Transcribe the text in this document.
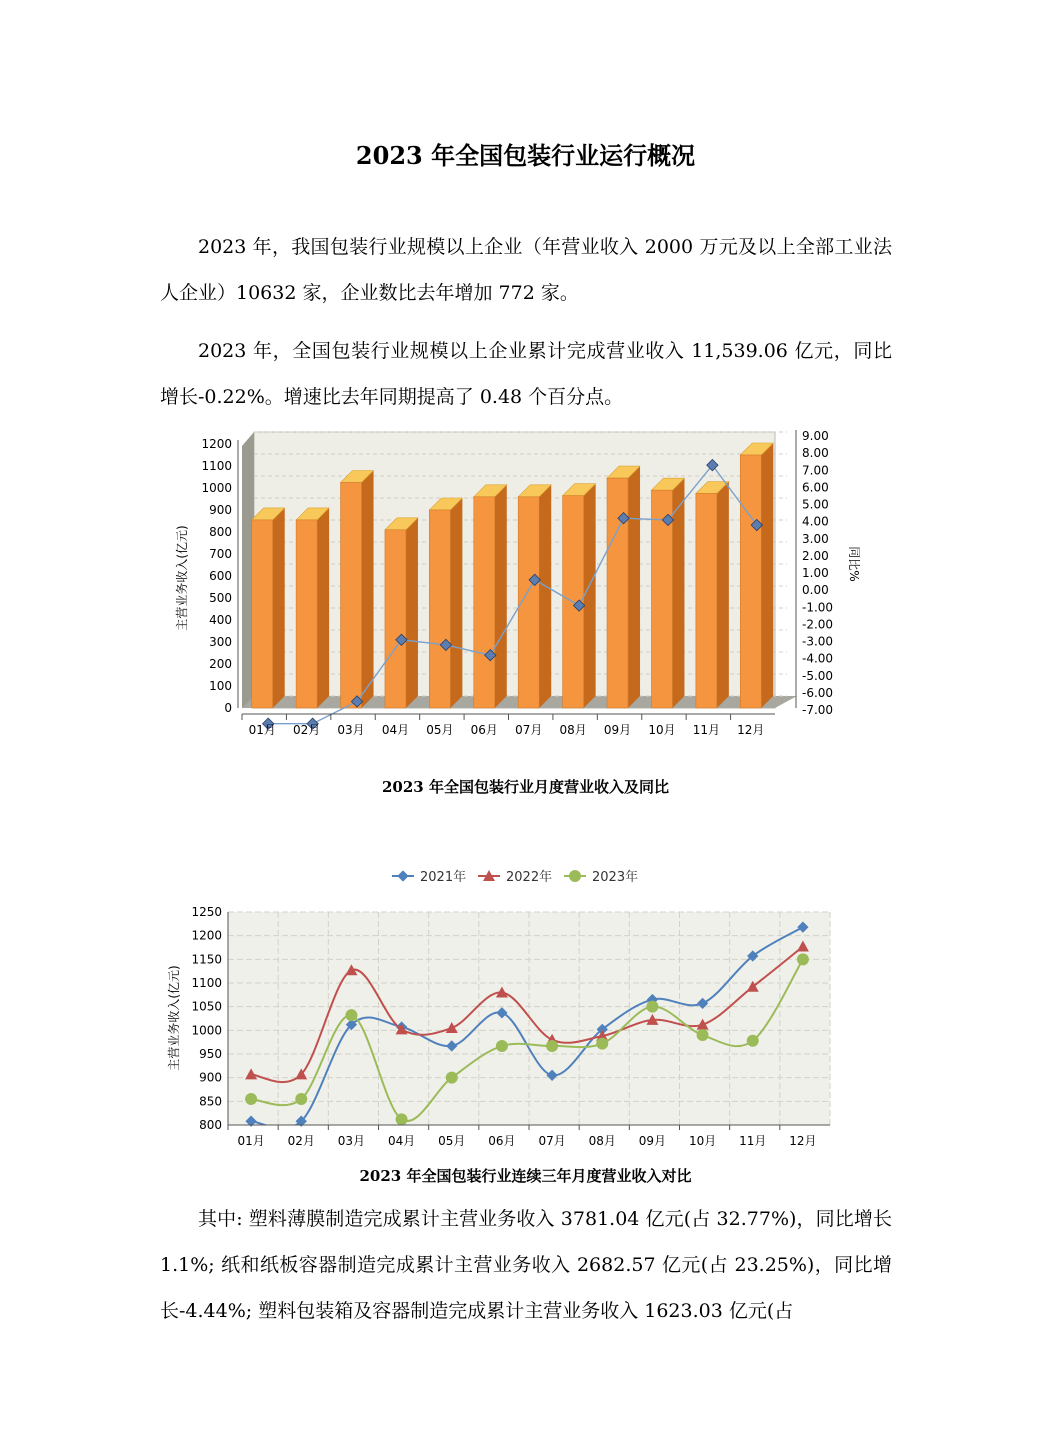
2023 年全国包装行业运行概况

2023 年，我国包装行业规模以上企业（年营业收入 2000 万元及以上全部工业法人企业）10632 家，企业数比去年增加 772 家。

2023 年，全国包装行业规模以上企业累计完成营业收入 11,539.06 亿元，同比增长-0.22%。增速比去年同期提高了 0.48 个百分点。

1200
1100
1000
900
800
700
600
500
400
300
200
100
0
9.00
8.00
7.00
6.00
5.00
4.00
3.00
2.00
1.00
0.00
-1.00
-2.00
-3.00
-4.00
-5.00
-6.00
-7.00
01月 02月 03月 04月 05月 06月 07月 08月 09月 10月 11月 12月
主营业务收入(亿元)	同比%
2023 年全国包装行业月度营业收入及同比
2021年	2022年	2023年
1250
1200
1150
1100
1050
1000
950
900
850
800
01月 02月 03月 04月 05月 06月 07月 08月 09月 10月 11月 12月
主营业务收入(亿元)
2023 年全国包装行业连续三年月度营业收入对比

其中: 塑料薄膜制造完成累计主营业务收入 3781.04 亿元(占 32.77%)，同比增长 1.1%; 纸和纸板容器制造完成累计主营业务收入 2682.57 亿元(占 23.25%)，同比增长-4.44%; 塑料包装箱及容器制造完成累计主营业务收入 1623.03 亿元(占
